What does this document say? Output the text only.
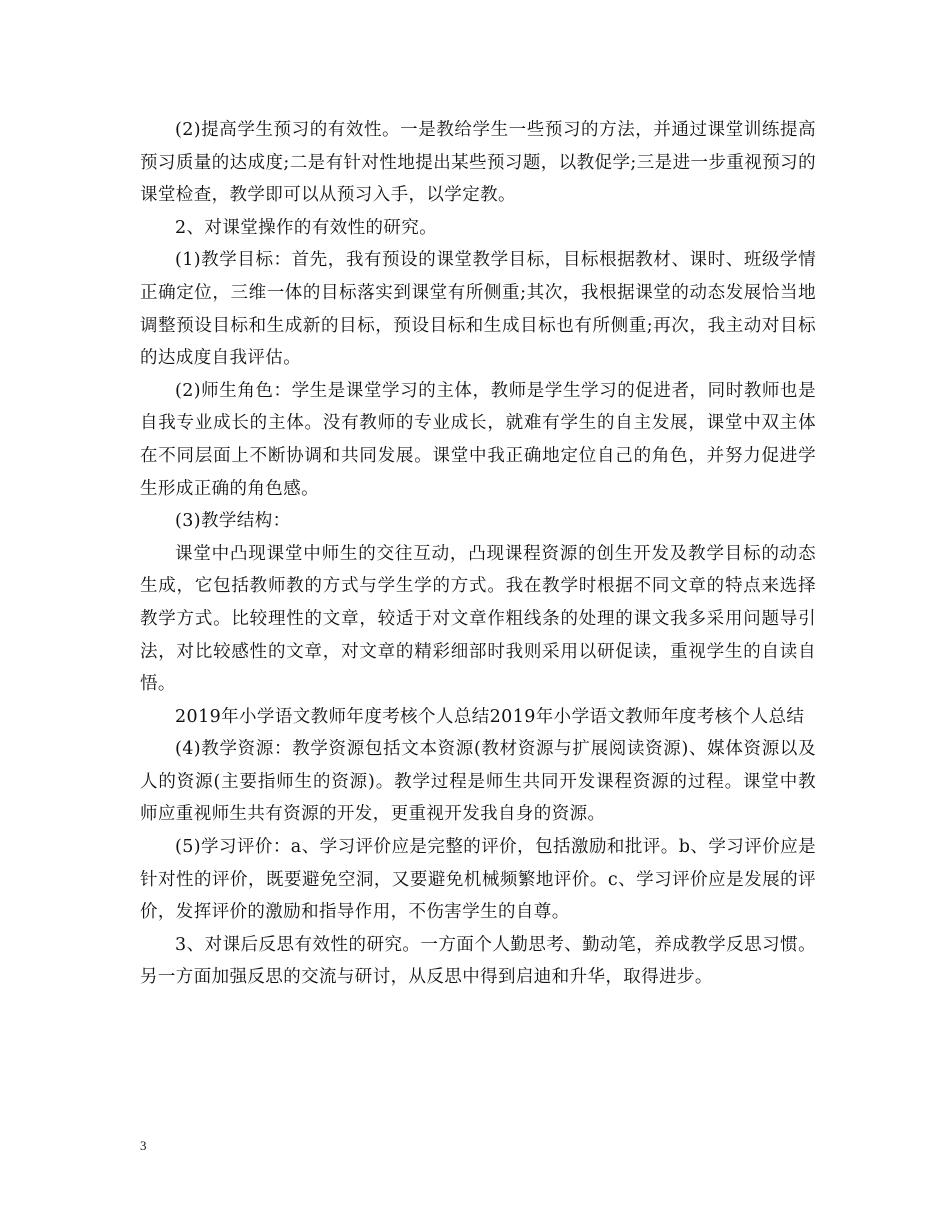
(2)提高学生预习的有效性。一是教给学生一些预习的方法，并通过课堂训练提高预习质量的达成度;二是有针对性地提出某些预习题，以教促学;三是进一步重视预习的课堂检查，教学即可以从预习入手，以学定教。

2、对课堂操作的有效性的研究。

(1)教学目标：首先，我有预设的课堂教学目标，目标根据教材、课时、班级学情正确定位，三维一体的目标落实到课堂有所侧重;其次，我根据课堂的动态发展恰当地调整预设目标和生成新的目标，预设目标和生成目标也有所侧重;再次，我主动对目标的达成度自我评估。

(2)师生角色：学生是课堂学习的主体，教师是学生学习的促进者，同时教师也是自我专业成长的主体。没有教师的专业成长，就难有学生的自主发展，课堂中双主体在不同层面上不断协调和共同发展。课堂中我正确地定位自己的角色，并努力促进学生形成正确的角色感。

(3)教学结构：

课堂中凸现课堂中师生的交往互动，凸现课程资源的创生开发及教学目标的动态生成，它包括教师教的方式与学生学的方式。我在教学时根据不同文章的特点来选择教学方式。比较理性的文章，较适于对文章作粗线条的处理的课文我多采用问题导引法，对比较感性的文章，对文章的精彩细部时我则采用以研促读，重视学生的自读自悟。

2019年小学语文教师年度考核个人总结2019年小学语文教师年度考核个人总结

(4)教学资源：教学资源包括文本资源(教材资源与扩展阅读资源)、媒体资源以及人的资源(主要指师生的资源)。教学过程是师生共同开发课程资源的过程。课堂中教师应重视师生共有资源的开发，更重视开发我自身的资源。

(5)学习评价：a、学习评价应是完整的评价，包括激励和批评。b、学习评价应是针对性的评价，既要避免空洞，又要避免机械频繁地评价。c、学习评价应是发展的评价，发挥评价的激励和指导作用，不伤害学生的自尊。

3、对课后反思有效性的研究。一方面个人勤思考、勤动笔，养成教学反思习惯。另一方面加强反思的交流与研讨，从反思中得到启迪和升华，取得进步。

3
